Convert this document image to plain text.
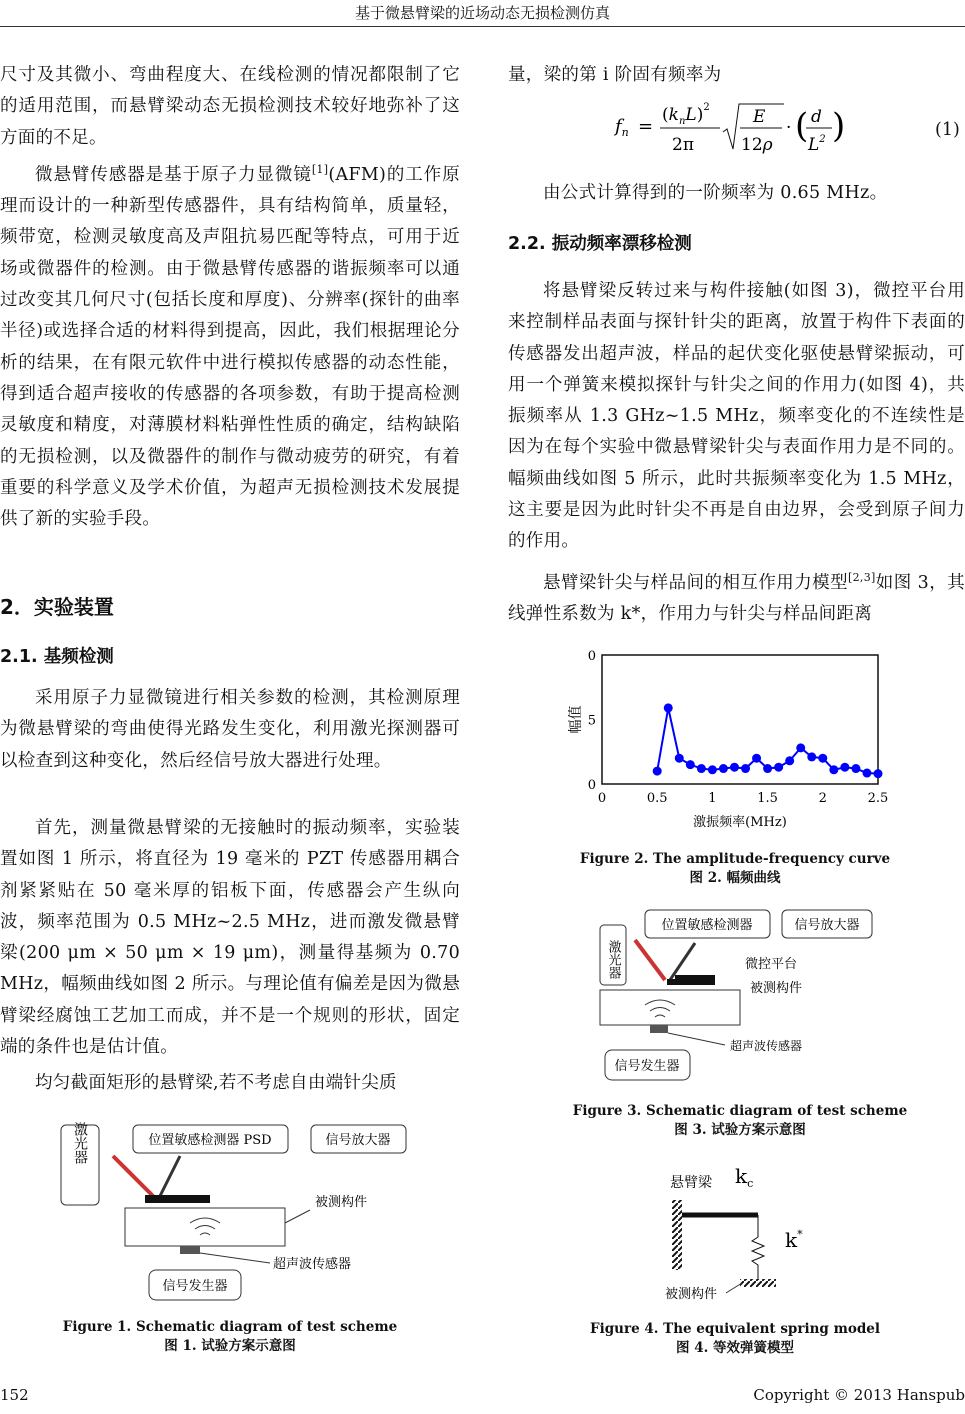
基于微悬臂梁的近场动态无损检测仿真
尺寸及其微小、弯曲程度大、在线检测的情况都限制了它的适用范围，而悬臂梁动态无损检测技术较好地弥补了这方面的不足。
微悬臂传感器是基于原子力显微镜[1](AFM)的工作原理而设计的一种新型传感器件，具有结构简单，质量轻，频带宽，检测灵敏度高及声阻抗易匹配等特点，可用于近场或微器件的检测。由于微悬臂传感器的谐振频率可以通过改变其几何尺寸(包括长度和厚度)、分辨率(探针的曲率半径)或选择合适的材料得到提高，因此，我们根据理论分析的结果，在有限元软件中进行模拟传感器的动态性能，得到适合超声接收的传感器的各项参数，有助于提高检测灵敏度和精度，对薄膜材料粘弹性性质的确定，结构缺陷的无损检测，以及微器件的制作与微动疲劳的研究，有着重要的科学意义及学术价值，为超声无损检测技术发展提供了新的实验手段。
2．实验装置
2.1. 基频检测
采用原子力显微镜进行相关参数的检测，其检测原理为微悬臂梁的弯曲使得光路发生变化，利用激光探测器可以检查到这种变化，然后经信号放大器进行处理。
首先，测量微悬臂梁的无接触时的振动频率，实验装置如图 1 所示，将直径为 19 毫米的 PZT 传感器用耦合剂紧紧贴在 50 毫米厚的铝板下面，传感器会产生纵向波，频率范围为 0.5 MHz~2.5 MHz，进而激发微悬臂梁(200 μm × 50 μm × 19 μm)，测量得基频为 0.70 MHz，幅频曲线如图 2 所示。与理论值有偏差是因为微悬臂梁经腐蚀工艺加工而成，并不是一个规则的形状，固定端的条件也是估计值。
均匀截面矩形的悬臂梁,若不考虑自由端针尖质
激光器	位置敏感检测器 PSD	信号放大器
被测构件
超声波传感器
信号发生器
Figure 1. Schematic diagram of test scheme
图 1. 试验方案示意图
量，梁的第 i 阶固有频率为
$f_n$ =
$(k_nL)^2$
2π
E
12ρ
· ( d
$L^2$ )	(1)
由公式计算得到的一阶频率为 0.65 MHz。
2.2. 振动频率漂移检测
将悬臂梁反转过来与构件接触(如图 3)，微控平台用来控制样品表面与探针针尖的距离，放置于构件下表面的传感器发出超声波，样品的起伏变化驱使悬臂梁振动，可用一个弹簧来模拟探针与针尖之间的作用力(如图 4)，共振频率从 1.3 GHz~1.5 MHz，频率变化的不连续性是因为在每个实验中微悬臂梁针尖与表面作用力是不同的。幅频曲线如图 5 所示，此时共振频率变化为 1.5 MHz，这主要是因为此时针尖不再是自由边界，会受到原子间力的作用。
悬臂梁针尖与样品间的相互作用力模型[2,3]如图 3，其线弹性系数为 k*，作用力与针尖与样品间距离
0	0.5	1	1.5	2	2.5
0
5
0
激振频率(MHz)
幅值
Figure 2. The amplitude-frequency curve
图 2. 幅频曲线
激光器
位置敏感检测器	信号放大器
微控平台
被测构件
超声波传感器
信号发生器
Figure 3. Schematic diagram of test scheme
图 3. 试验方案示意图
悬臂梁 $k_c$
k*
被测构件
Figure 4. The equivalent spring model
图 4. 等效弹簧模型
152	Copyright © 2013 Hanspub
